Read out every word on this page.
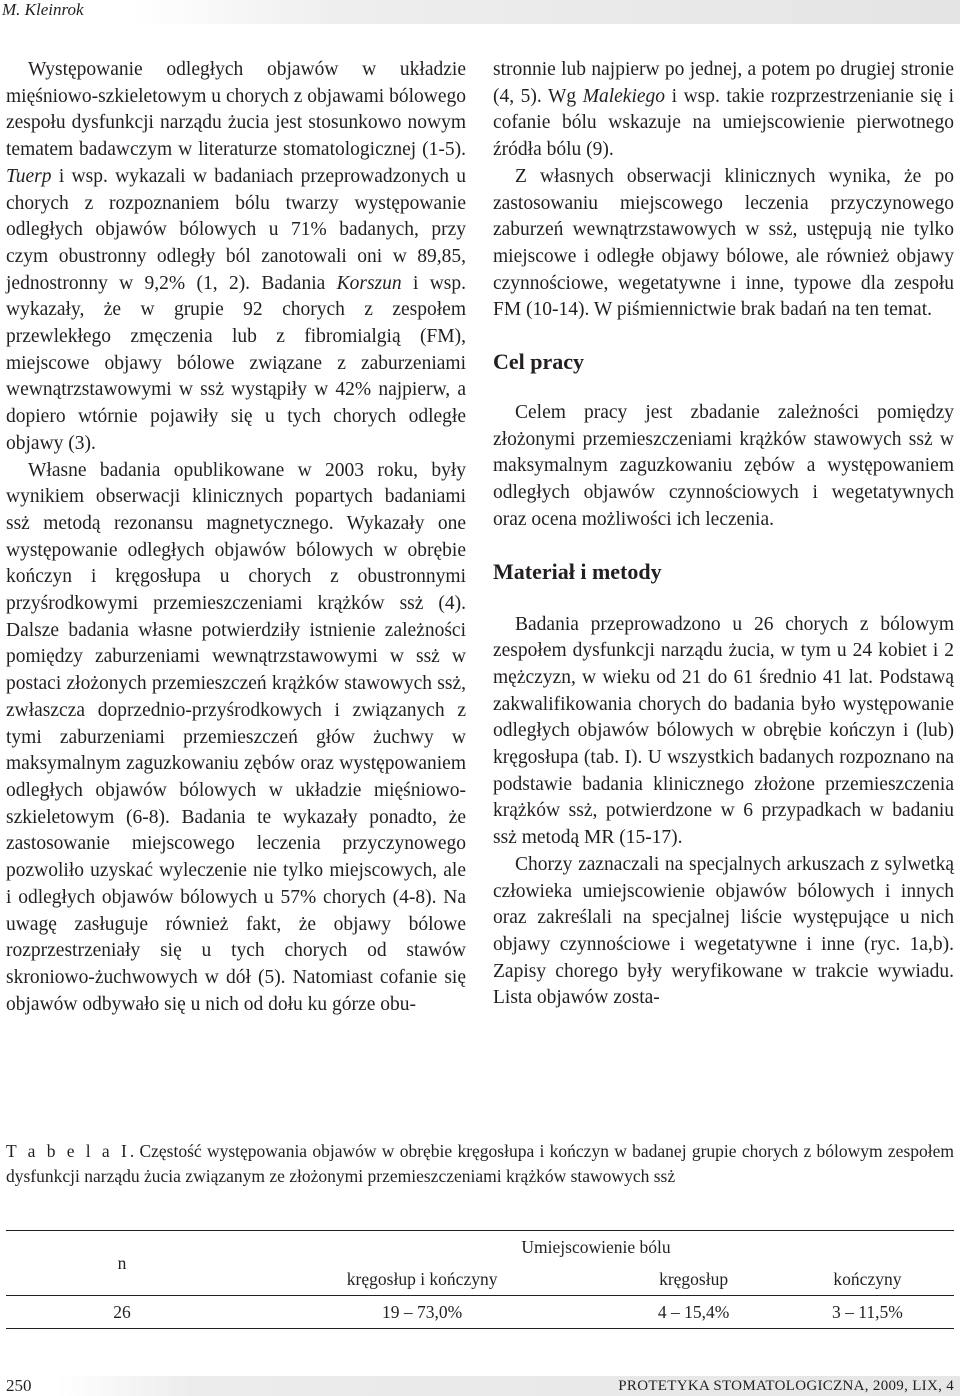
M. Kleinrok

Występowanie odległych objawów w układzie mięśniowo-szkieletowym u chorych z objawami bólowego zespołu dysfunkcji narządu żucia jest stosunkowo nowym tematem badawczym w literaturze stomatologicznej (1-5). Tuerp i wsp. wykazali w badaniach przeprowadzonych u chorych z rozpoznaniem bólu twarzy występowanie odległych objawów bólowych u 71% badanych, przy czym obustronny odległy ból zanotowali oni w 89,85, jednostronny w 9,2% (1, 2). Badania Korszun i wsp. wykazały, że w grupie 92 chorych z zespołem przewlekłego zmęczenia lub z fibromialgią (FM), miejscowe objawy bólowe związane z zaburzeniami wewnątrzstawowymi w ssż wystąpiły w 42% najpierw, a dopiero wtórnie pojawiły się u tych chorych odległe objawy (3).

Własne badania opublikowane w 2003 roku, były wynikiem obserwacji klinicznych popartych badaniami ssż metodą rezonansu magnetycznego. Wykazały one występowanie odległych objawów bólowych w obrębie kończyn i kręgosłupa u chorych z obustronnymi przyśrodkowymi przemieszczeniami krążków ssż (4). Dalsze badania własne potwierdziły istnienie zależności pomiędzy zaburzeniami wewnątrzstawowymi w ssż w postaci złożonych przemieszczeń krążków stawowych ssż, zwłaszcza doprzednio-przyśrodkowych i związanych z tymi zaburzeniami przemieszczeń głów żuchwy w maksymalnym zaguzkowaniu zębów oraz występowaniem odległych objawów bólowych w układzie mięśniowo-szkieletowym (6-8). Badania te wykazały ponadto, że zastosowanie miejscowego leczenia przyczynowego pozwoliło uzyskać wyleczenie nie tylko miejscowych, ale i odległych objawów bólowych u 57% chorych (4-8). Na uwagę zasługuje również fakt, że objawy bólowe rozprzestrzeniały się u tych chorych od stawów skroniowo-żuchwowych w dół (5). Natomiast cofanie się objawów odbywało się u nich od dołu ku górze obu-

stronnie lub najpierw po jednej, a potem po drugiej stronie (4, 5). Wg Malekiego i wsp. takie rozprzestrzenianie się i cofanie bólu wskazuje na umiejscowienie pierwotnego źródła bólu (9).

Z własnych obserwacji klinicznych wynika, że po zastosowaniu miejscowego leczenia przyczynowego zaburzeń wewnątrzstawowych w ssż, ustępują nie tylko miejscowe i odległe objawy bólowe, ale również objawy czynnościowe, wegetatywne i inne, typowe dla zespołu FM (10-14). W piśmiennictwie brak badań na ten temat.

Cel pracy

Celem pracy jest zbadanie zależności pomiędzy złożonymi przemieszczeniami krążków stawowych ssż w maksymalnym zaguzkowaniu zębów a występowaniem odległych objawów czynnościowych i wegetatywnych oraz ocena możliwości ich leczenia.

Materiał i metody

Badania przeprowadzono u 26 chorych z bólowym zespołem dysfunkcji narządu żucia, w tym u 24 kobiet i 2 mężczyzn, w wieku od 21 do 61 średnio 41 lat. Podstawą zakwalifikowania chorych do badania było występowanie odległych objawów bólowych w obrębie kończyn i (lub) kręgosłupa (tab. I). U wszystkich badanych rozpoznano na podstawie badania klinicznego złożone przemieszczenia krążków ssż, potwierdzone w 6 przypadkach w badaniu ssż metodą MR (15-17).

Chorzy zaznaczali na specjalnych arkuszach z sylwetką człowieka umiejscowienie objawów bólowych i innych oraz zakreślali na specjalnej liście występujące u nich objawy czynnościowe i wegetatywne i inne (ryc. 1a,b). Zapisy chorego były weryfikowane w trakcie wywiadu. Lista objawów zosta-

T a b e l a I. Częstość występowania objawów w obrębie kręgosłupa i kończyn w badanej grupie chorych z bólowym zespołem dysfunkcji narządu żucia związanym ze złożonymi przemieszczeniami krążków stawowych ssż
n	Umiejscowienie bólu		
	kręgosłup i kończyny	kręgosłup	kończyny
26	19 – 73,0%	4 – 15,4%	3 – 11,5%
250	PROTETYKA STOMATOLOGICZNA, 2009, LIX, 4
